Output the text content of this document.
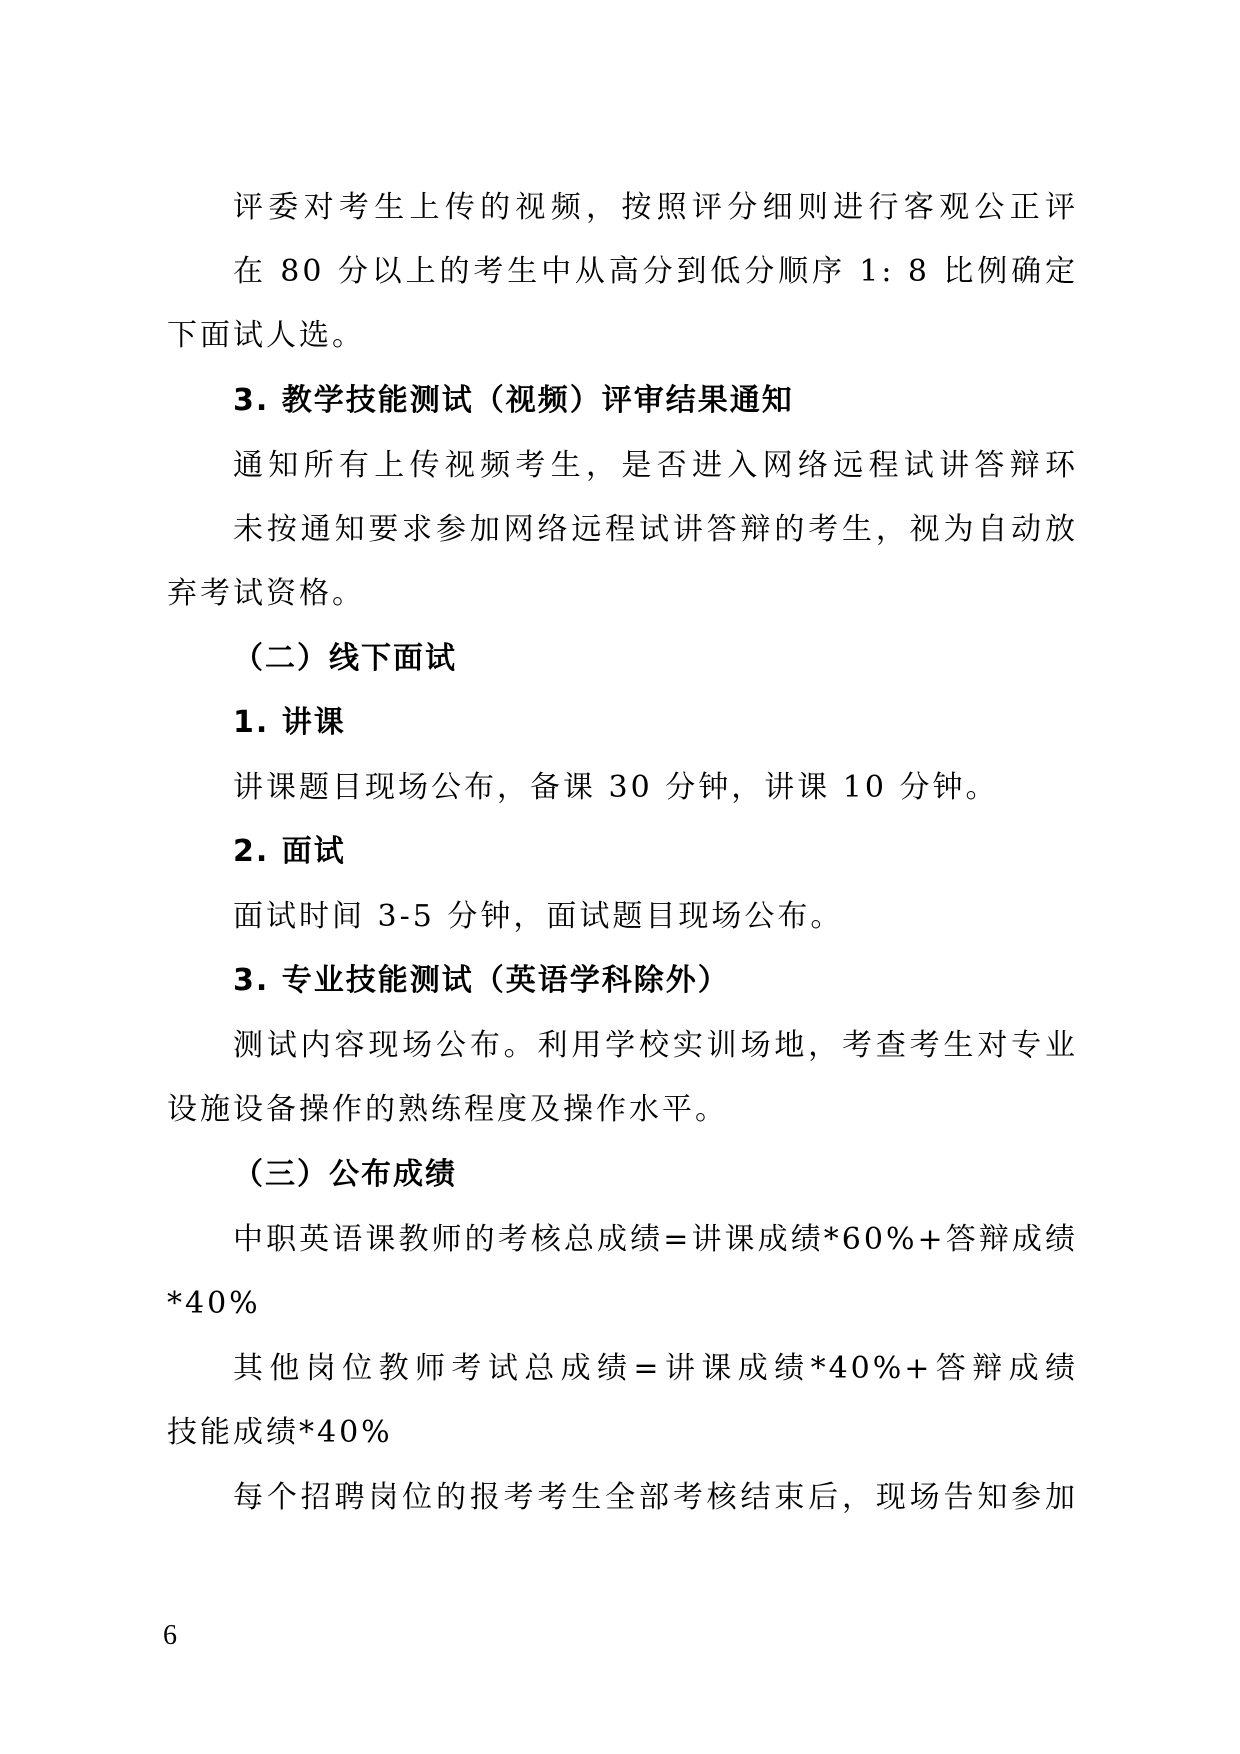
评委对考生上传的视频，按照评分细则进行客观公正评
在 80 分以上的考生中从高分到低分顺序 1: 8 比例确定
下面试人选。
3. 教学技能测试（视频）评审结果通知
通知所有上传视频考生，是否进入网络远程试讲答辩环
未按通知要求参加网络远程试讲答辩的考生，视为自动放
弃考试资格。
（二）线下面试
1. 讲课
讲课题目现场公布，备课 30 分钟，讲课 10 分钟。
2. 面试
面试时间 3-5 分钟，面试题目现场公布。
3. 专业技能测试（英语学科除外）
测试内容现场公布。利用学校实训场地，考查考生对专业
设施设备操作的熟练程度及操作水平。
（三）公布成绩
中职英语课教师的考核总成绩=讲课成绩*60%+答辩成绩
*40%
其他岗位教师考试总成绩=讲课成绩*40%+答辩成绩
技能成绩*40%
每个招聘岗位的报考考生全部考核结束后，现场告知参加
6
